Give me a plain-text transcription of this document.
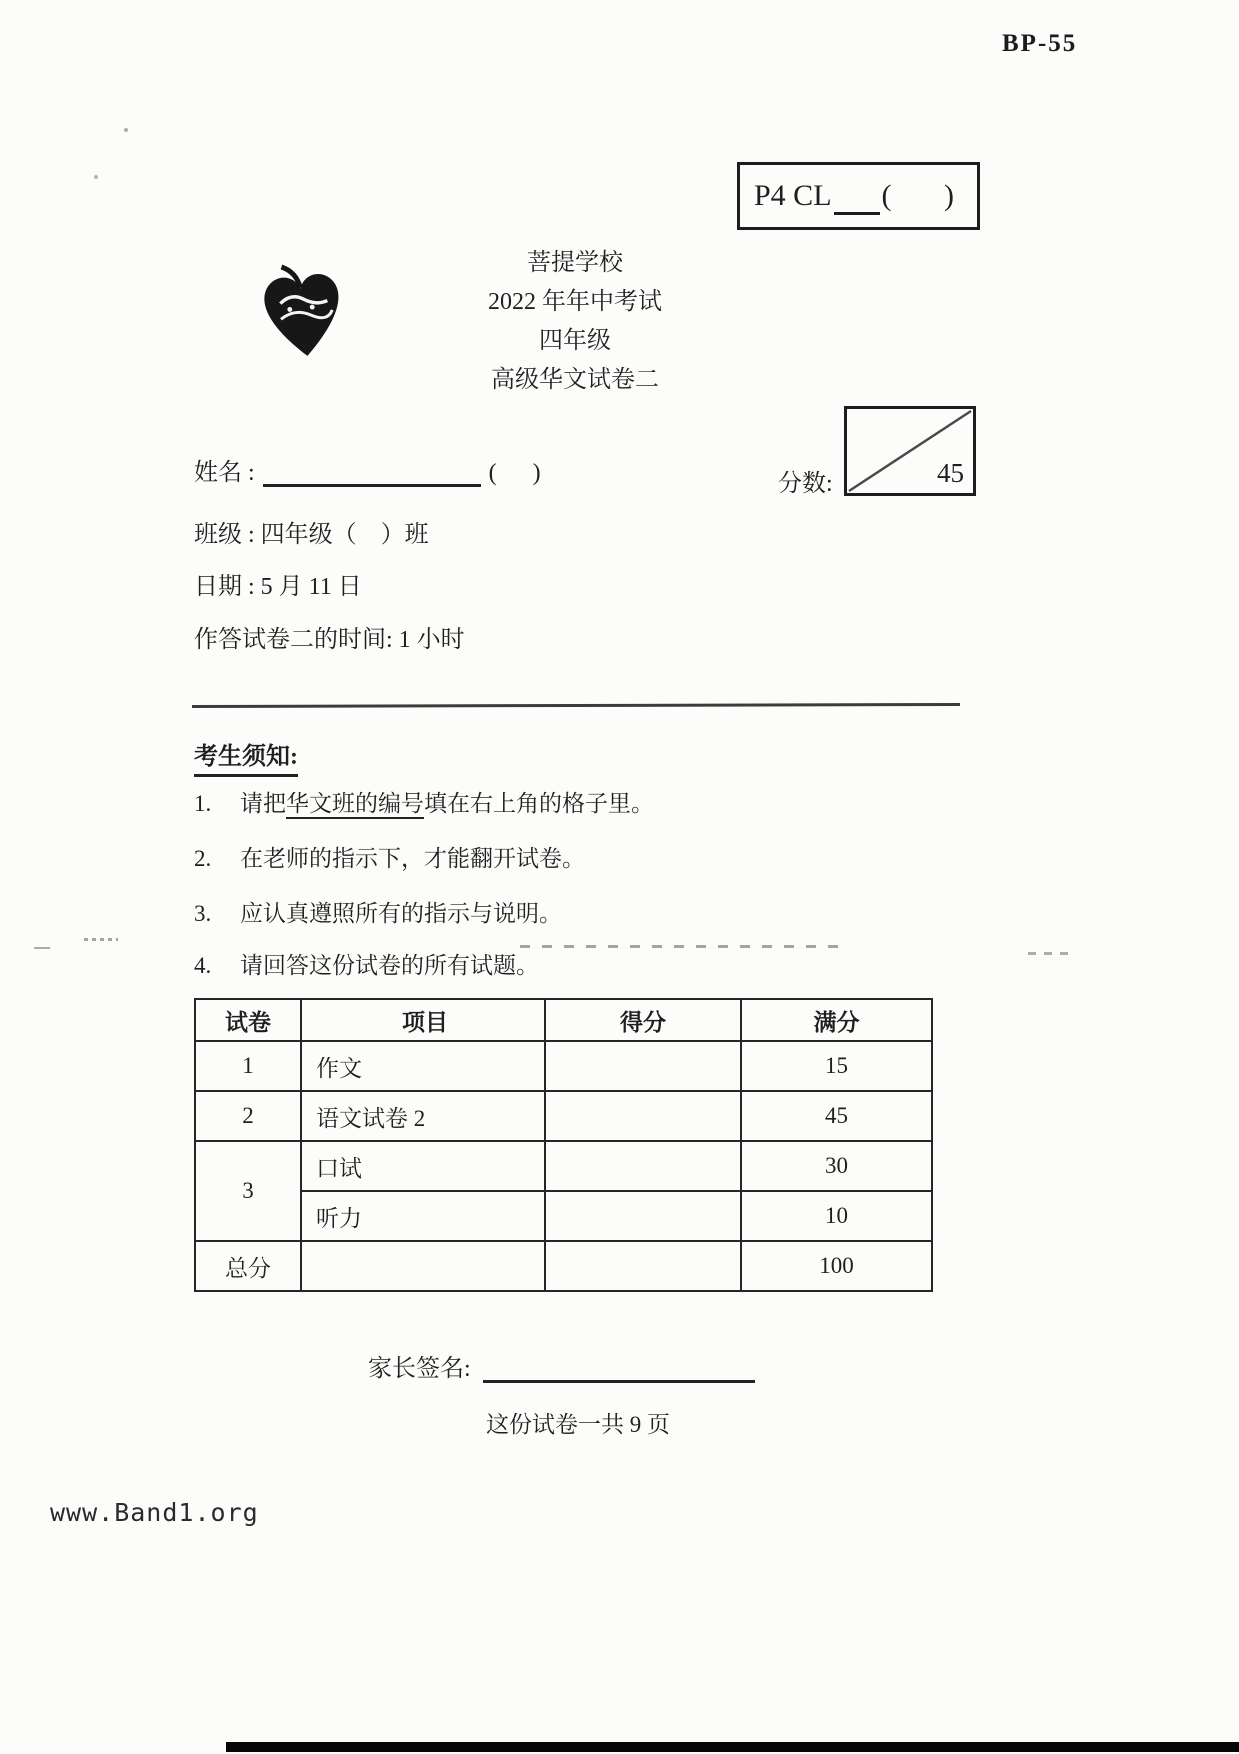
BP-55
P4 CL (       )
菩提学校
2022 年年中考试
四年级
高级华文试卷二
姓名 :	(      )	分数:	45
班级 : 四年级（　）班
日期 : 5 月 11 日
作答试卷二的时间: 1 小时
考生须知:
1.	请把华文班的编号填在右上角的格子里。
2.	在老师的指示下，才能翻开试卷。
3.	应认真遵照所有的指示与说明。
4.	请回答这份试卷的所有试题。
试卷	项目	得分	满分
1	作文		15
2	语文试卷 2		45
3	口试		30
	听力		10
总分			100
家长签名:
这份试卷一共 9 页
www.Band1.org
